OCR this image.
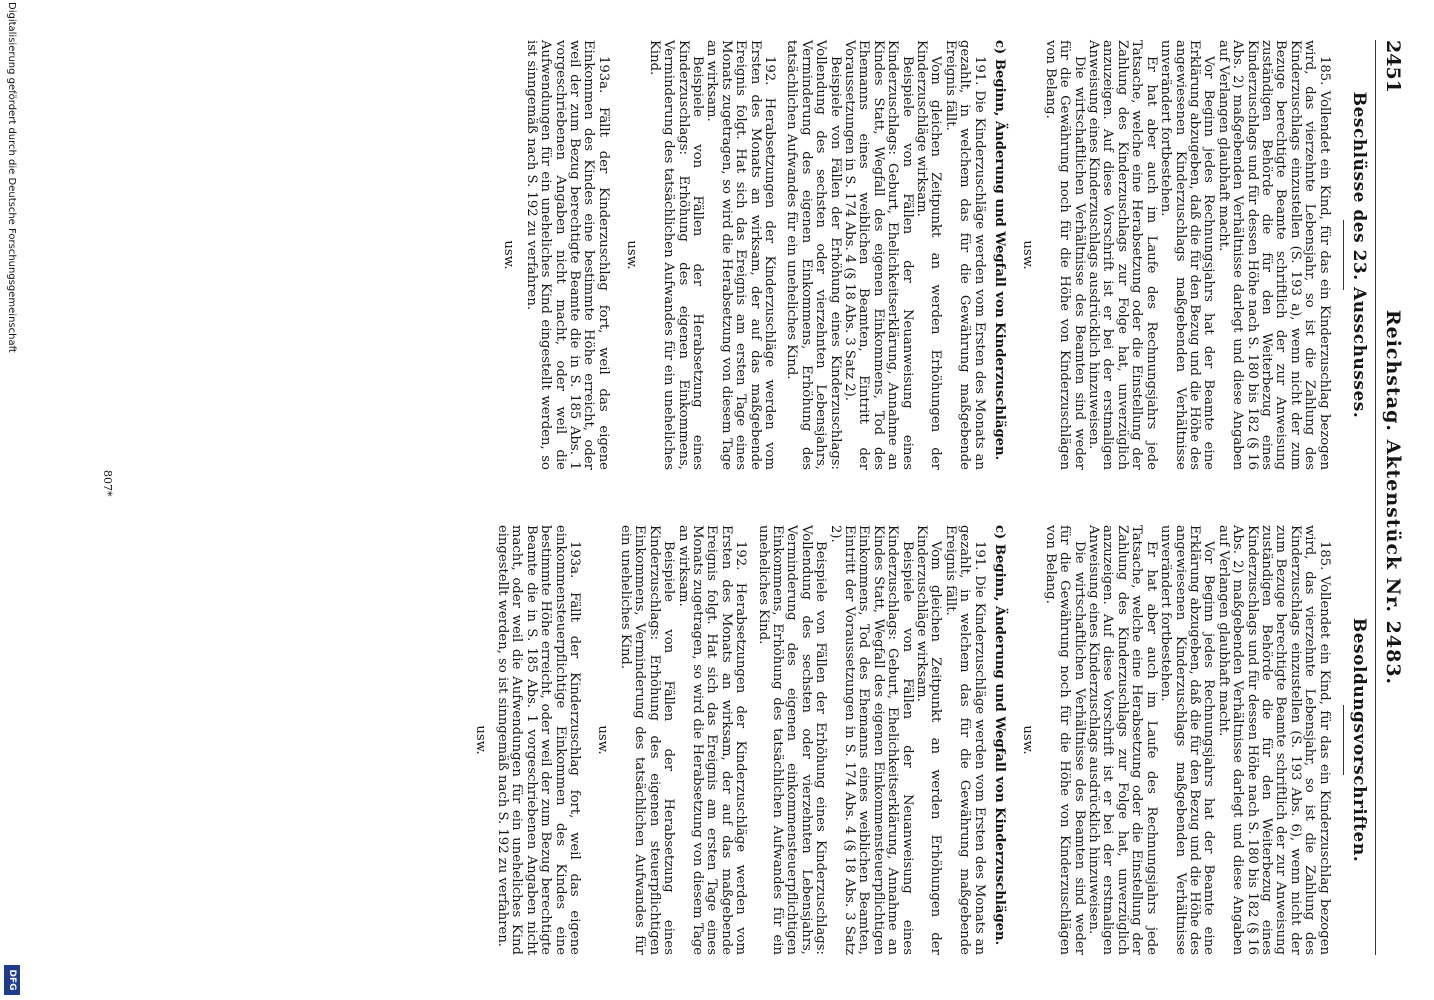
2451
Reichstag. Aktenstück Nr. 2483.
Beschlüsse des 23. Ausschusses.

185. Vollendet ein Kind, für das ein Kinderzuschlag bezogen wird, das vierzehnte Lebensjahr, so ist die Zahlung des Kinderzuschlags einzustellen (S. 193 a), wenn nicht der zum Bezuge berechtigte Beamte schriftlich der zur Anweisung zuständigen Behörde die für den Weiterbezug eines Kinderzuschlags und für dessen Höhe nach S. 180 bis 182 (§ 16 Abs. 2) maßgebenden Verhältnisse darlegt und diese Angaben auf Verlangen glaubhaft macht.

Vor Beginn jedes Rechnungsjahrs hat der Beamte eine Erklärung abzugeben, daß die für den Bezug und die Höhe des angewiesenen Kinderzuschlags maßgebenden Verhältnisse unverändert fortbestehen.

Er hat aber auch im Laufe des Rechnungsjahrs jede Tatsache, welche eine Herabsetzung oder die Einstellung der Zahlung des Kinderzuschlags zur Folge hat, unverzüglich anzuzeigen. Auf diese Vorschrift ist er bei der erstmaligen Anweisung eines Kinderzuschlags ausdrücklich hinzuweisen.

Die wirtschaftlichen Verhältnisse des Beamten sind weder für die Gewährung noch für die Höhe von Kinderzuschlägen von Belang.

usw.

c) Beginn, Änderung und Wegfall von Kinderzuschlägen.

191. Die Kinderzuschläge werden vom Ersten des Monats an gezahlt, in welchem das für die Gewährung maßgebende Ereignis fällt.

Vom gleichen Zeitpunkt an werden Erhöhungen der Kinderzuschläge wirksam.

Beispiele von Fällen der Neuanweisung eines Kinderzuschlags: Geburt, Ehelichkeitserklärung, Annahme an Kindes Statt, Wegfall des eigenen Einkommens, Tod des Ehemanns eines weiblichen Beamten, Eintritt der Voraussetzungen in S. 174 Abs. 4 (§ 18 Abs. 3 Satz 2).

Beispiele von Fällen der Erhöhung eines Kinderzuschlags: Vollendung des sechsten oder vierzehnten Lebensjahrs, Verminderung des eigenen Einkommens, Erhöhung des tatsächlichen Aufwandes für ein uneheliches Kind.

192. Herabsetzungen der Kinderzuschläge werden vom Ersten des Monats an wirksam, der auf das maßgebende Ereignis folgt. Hat sich das Ereignis am ersten Tage eines Monats zugetragen, so wird die Herabsetzung von diesem Tage an wirksam.

Beispiele von Fällen der Herabsetzung eines Kinderzuschlags: Erhöhung des eigenen Einkommens, Verminderung des tatsächlichen Aufwandes für ein uneheliches Kind.

usw.

193a. Fällt der Kinderzuschlag fort, weil das eigene Einkommen des Kindes eine bestimmte Höhe erreicht, oder weil der zum Bezug berechtigte Beamte die in S. 185 Abs. 1 vorgeschriebenen Angaben nicht macht, oder weil die Aufwendungen für ein uneheliches Kind eingestellt werden, so ist sinngemäß nach S. 192 zu verfahren.

usw.

Besoldungsvorschriften.

185. Vollendet ein Kind, für das ein Kinderzuschlag bezogen wird, das vierzehnte Lebensjahr, so ist die Zahlung des Kinderzuschlags einzustellen (S. 193 Abs. 6), wenn nicht der zum Bezuge berechtigte Beamte schriftlich der zur Anweisung zuständigen Behörde die für den Weiterbezug eines Kinderzuschlags und für dessen Höhe nach S. 180 bis 182 (§ 16 Abs. 2) maßgebenden Verhältnisse darlegt und diese Angaben auf Verlangen glaubhaft macht.

Vor Beginn jedes Rechnungsjahrs hat der Beamte eine Erklärung abzugeben, daß die für den Bezug und die Höhe des angewiesenen Kinderzuschlags maßgebenden Verhältnisse unverändert fortbestehen.

Er hat aber auch im Laufe des Rechnungsjahrs jede Tatsache, welche eine Herabsetzung oder die Einstellung der Zahlung des Kinderzuschlags zur Folge hat, unverzüglich anzuzeigen. Auf diese Vorschrift ist er bei der erstmaligen Anweisung eines Kinderzuschlags ausdrücklich hinzuweisen.

Die wirtschaftlichen Verhältnisse des Beamten sind weder für die Gewährung noch für die Höhe von Kinderzuschlägen von Belang.

usw.

c) Beginn, Änderung und Wegfall von Kinderzuschlägen.

191. Die Kinderzuschläge werden vom Ersten des Monats an gezahlt, in welchem das für die Gewährung maßgebende Ereignis fällt.

Vom gleichen Zeitpunkt an werden Erhöhungen der Kinderzuschläge wirksam.

Beispiele von Fällen der Neuanweisung eines Kinderzuschlags: Geburt, Ehelichkeitserklärung, Annahme an Kindes Statt, Wegfall des eigenen Einkommensteuerpflichtigen Einkommens, Tod des Ehemanns eines weiblichen Beamten, Eintritt der Voraussetzungen in S. 174 Abs. 4 (§ 18 Abs. 3 Satz 2).

Beispiele von Fällen der Erhöhung eines Kinderzuschlags: Vollendung des sechsten oder vierzehnten Lebensjahrs, Verminderung des eigenen einkommensteuerpflichtigen Einkommens, Erhöhung des tatsächlichen Aufwandes für ein uneheliches Kind.

192. Herabsetzungen der Kinderzuschläge werden vom Ersten des Monats an wirksam, der auf das maßgebende Ereignis folgt. Hat sich das Ereignis am ersten Tage eines Monats zugetragen, so wird die Herabsetzung von diesem Tage an wirksam.

Beispiele von Fällen der Herabsetzung eines Kinderzuschlags: Erhöhung des eigenen steuerpflichtigen Einkommens, Verminderung des tatsächlichen Aufwandes für ein uneheliches Kind.

usw.

193a. Fällt der Kinderzuschlag fort, weil das eigene einkommensteuerpflichtige Einkommen des Kindes eine bestimmte Höhe erreicht, oder weil der zum Bezug berechtigte Beamte die in S. 185 Abs. 1 vorgeschriebenen Angaben nicht macht, oder weil die Aufwendungen für ein uneheliches Kind eingestellt werden, so ist sinngemäß nach S. 192 zu verfahren.

usw.

807*
Digitalisierung gefördert durch die Deutsche Forschungsgemeinschaft
DFG
